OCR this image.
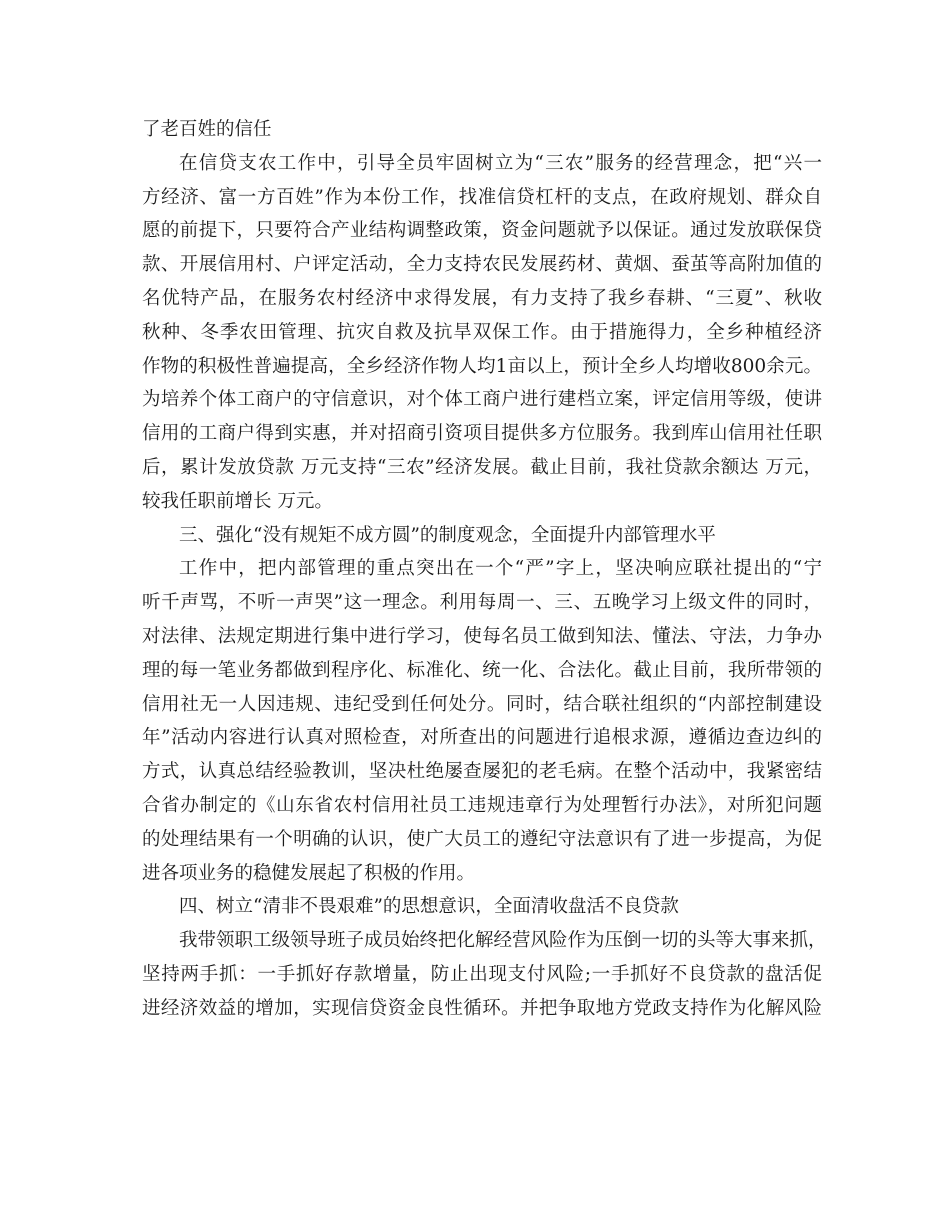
了老百姓的信任
在信贷支农工作中，引导全员牢固树立为“三农”服务的经营理念，把“兴一
方经济、富一方百姓”作为本份工作，找准信贷杠杆的支点，在政府规划、群众自
愿的前提下，只要符合产业结构调整政策，资金问题就予以保证。通过发放联保贷
款、开展信用村、户评定活动，全力支持农民发展药材、黄烟、蚕茧等高附加值的
名优特产品，在服务农村经济中求得发展，有力支持了我乡春耕、“三夏”、秋收
秋种、冬季农田管理、抗灾自救及抗旱双保工作。由于措施得力，全乡种植经济
作物的积极性普遍提高，全乡经济作物人均1亩以上，预计全乡人均增收800余元。
为培养个体工商户的守信意识，对个体工商户进行建档立案，评定信用等级，使讲
信用的工商户得到实惠，并对招商引资项目提供多方位服务。我到库山信用社任职
后，累计发放贷款 万元支持“三农”经济发展。截止目前，我社贷款余额达 万元，
较我任职前增长 万元。
三、强化“没有规矩不成方圆”的制度观念，全面提升内部管理水平
工作中，把内部管理的重点突出在一个“严”字上，坚决响应联社提出的“宁
听千声骂，不听一声哭”这一理念。利用每周一、三、五晚学习上级文件的同时，
对法律、法规定期进行集中进行学习，使每名员工做到知法、懂法、守法，力争办
理的每一笔业务都做到程序化、标准化、统一化、合法化。截止目前，我所带领的
信用社无一人因违规、违纪受到任何处分。同时，结合联社组织的“内部控制建设
年”活动内容进行认真对照检查，对所查出的问题进行追根求源，遵循边查边纠的
方式，认真总结经验教训，坚决杜绝屡查屡犯的老毛病。在整个活动中，我紧密结
合省办制定的《山东省农村信用社员工违规违章行为处理暂行办法》，对所犯问题
的处理结果有一个明确的认识，使广大员工的遵纪守法意识有了进一步提高，为促
进各项业务的稳健发展起了积极的作用。
四、树立“清非不畏艰难”的思想意识，全面清收盘活不良贷款
我带领职工级领导班子成员始终把化解经营风险作为压倒一切的头等大事来抓，
坚持两手抓：一手抓好存款增量，防止出现支付风险;一手抓好不良贷款的盘活促
进经济效益的增加，实现信贷资金良性循环。并把争取地方党政支持作为化解风险
